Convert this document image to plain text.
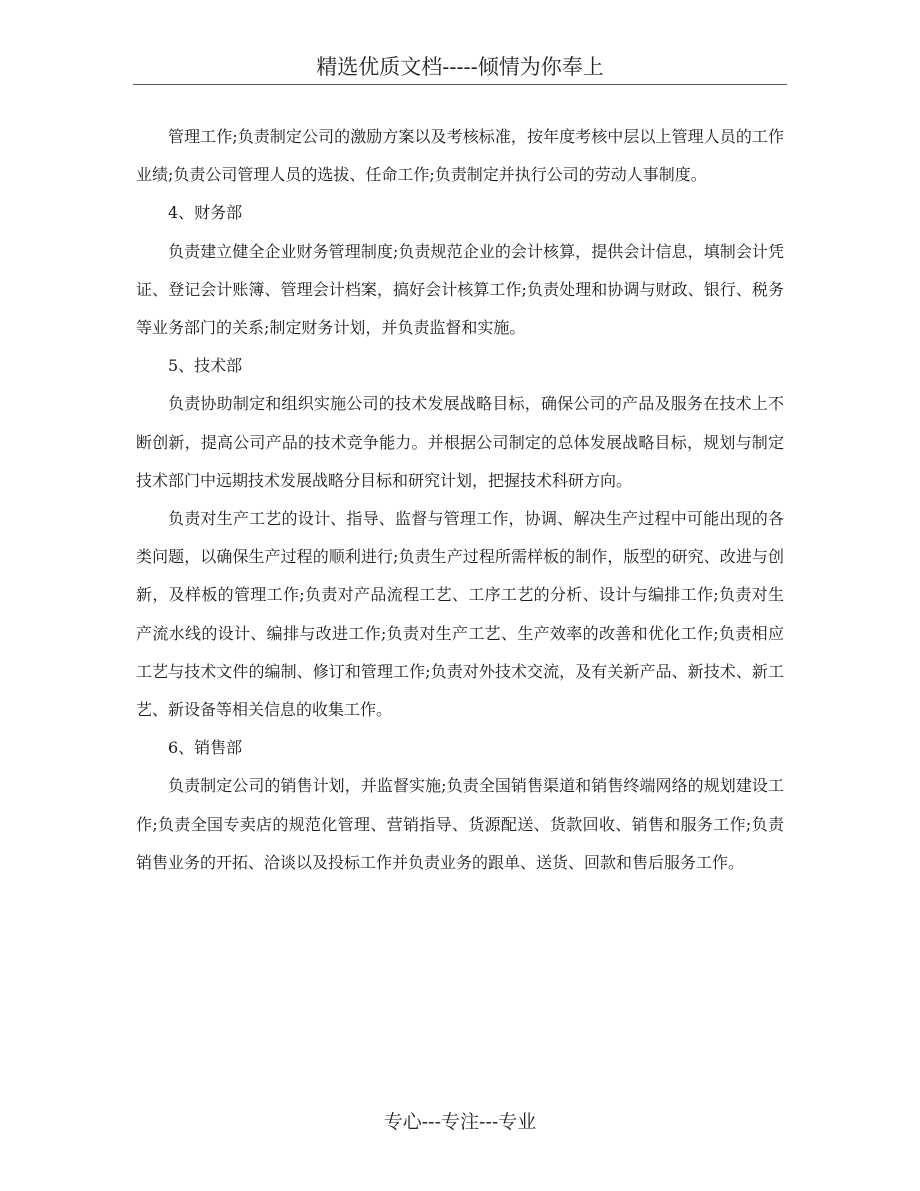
精选优质文档-----倾情为你奉上

管理工作;负责制定公司的激励方案以及考核标准，按年度考核中层以上管理人员的工作业绩;负责公司管理人员的选拔、任命工作;负责制定并执行公司的劳动人事制度。

4、财务部

负责建立健全企业财务管理制度;负责规范企业的会计核算，提供会计信息，填制会计凭证、登记会计账簿、管理会计档案，搞好会计核算工作;负责处理和协调与财政、银行、税务等业务部门的关系;制定财务计划，并负责监督和实施。

5、技术部

负责协助制定和组织实施公司的技术发展战略目标，确保公司的产品及服务在技术上不断创新，提高公司产品的技术竞争能力。并根据公司制定的总体发展战略目标，规划与制定技术部门中远期技术发展战略分目标和研究计划，把握技术科研方向。

负责对生产工艺的设计、指导、监督与管理工作，协调、解决生产过程中可能出现的各类问题，以确保生产过程的顺利进行;负责生产过程所需样板的制作，版型的研究、改进与创新，及样板的管理工作;负责对产品流程工艺、工序工艺的分析、设计与编排工作;负责对生产流水线的设计、编排与改进工作;负责对生产工艺、生产效率的改善和优化工作;负责相应工艺与技术文件的编制、修订和管理工作;负责对外技术交流，及有关新产品、新技术、新工艺、新设备等相关信息的收集工作。

6、销售部

负责制定公司的销售计划，并监督实施;负责全国销售渠道和销售终端网络的规划建设工作;负责全国专卖店的规范化管理、营销指导、货源配送、货款回收、销售和服务工作;负责销售业务的开拓、洽谈以及投标工作并负责业务的跟单、送货、回款和售后服务工作。

专心---专注---专业
